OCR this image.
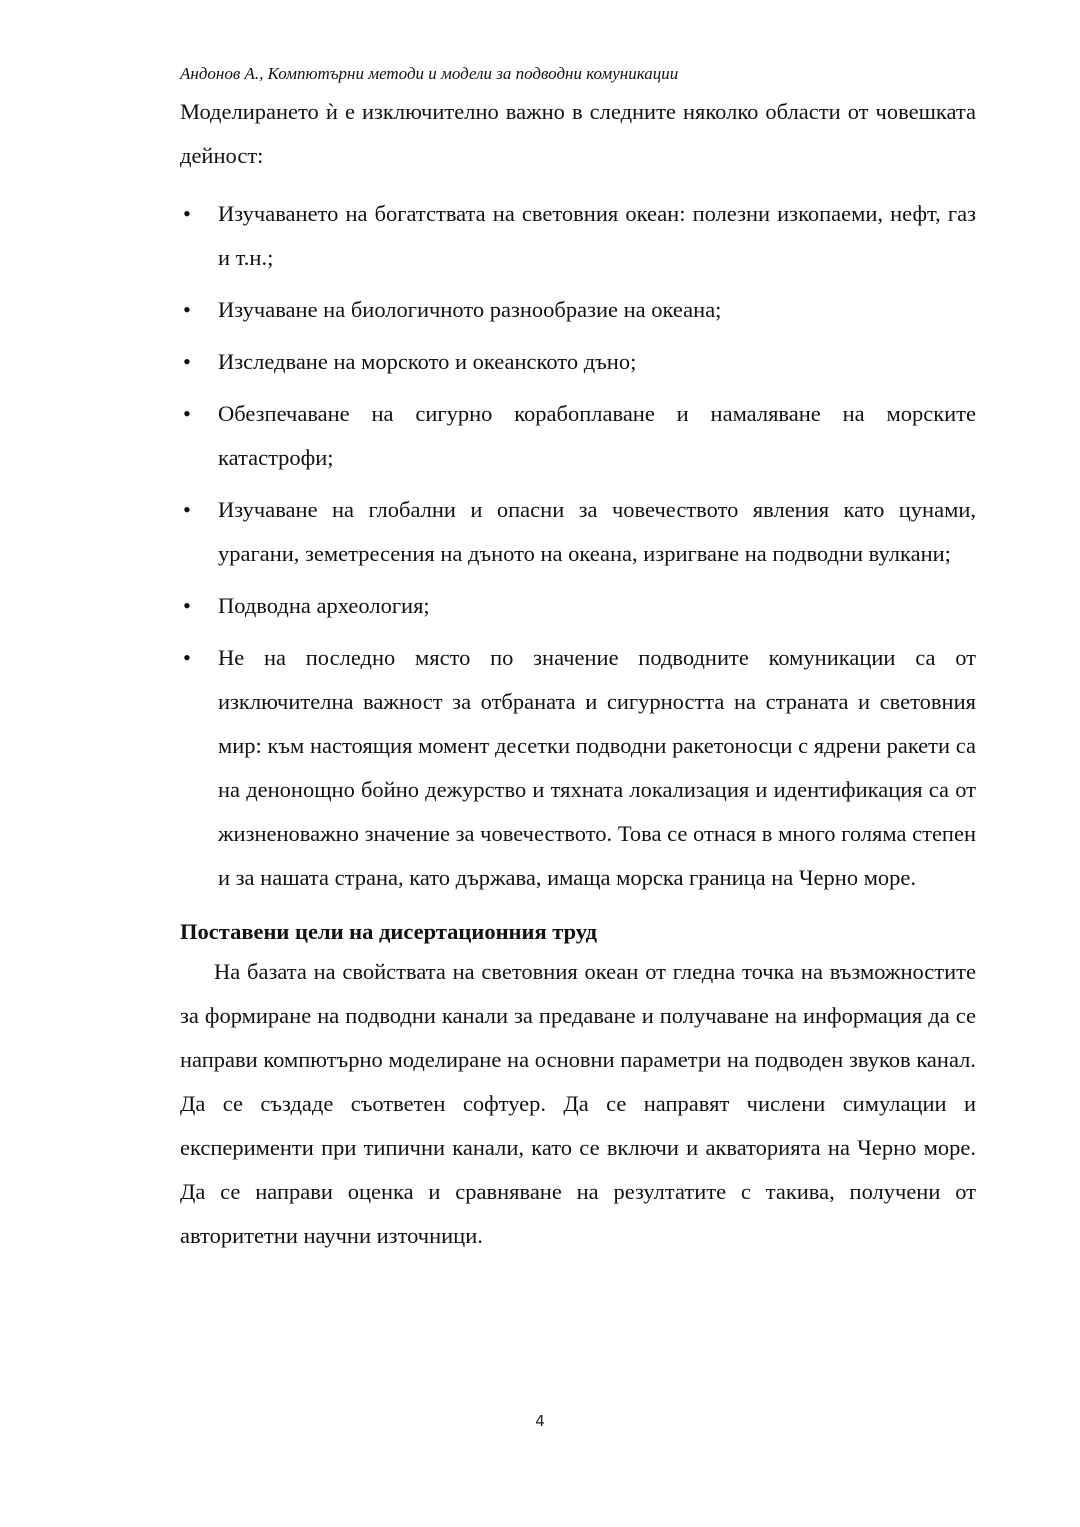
Андонов А., Компютърни методи и модели за подводни комуникации

Моделирането ѝ е изключително важно в следните няколко области от човешката дейност:

• Изучаването на богатствата на световния океан: полезни изкопаеми, нефт, газ и т.н.;
• Изучаване на биологичното разнообразие на океана;
• Изследване на морското и океанското дъно;
• Обезпечаване на сигурно корабоплаване и намаляване на морските катастрофи;
• Изучаване на глобални и опасни за човечеството явления като цунами, урагани, земетресения на дъното на океана, изригване на подводни вулкани;
• Подводна археология;
• Не на последно място по значение подводните комуникации са от изключителна важност за отбраната и сигурността на страната и световния мир: към настоящия момент десетки подводни ракетоносци с ядрени ракети са на денонощно бойно дежурство и тяхната локализация и идентификация са от жизненоважно значение за човечеството. Това се отнася в много голяма степен и за нашата страна, като държава, имаща морска граница на Черно море.
Поставени цели на дисертационния труд

На базата на свойствата на световния океан от гледна точка на възможностите за формиране на подводни канали за предаване и получаване на информация да се направи компютърно моделиране на основни параметри на подводен звуков канал. Да се създаде съответен софтуер. Да се направят числени симулации и експерименти при типични канали, като се включи и акваторията на Черно море. Да се направи оценка и сравняване на резултатите с такива, получени от авторитетни научни източници.

4
